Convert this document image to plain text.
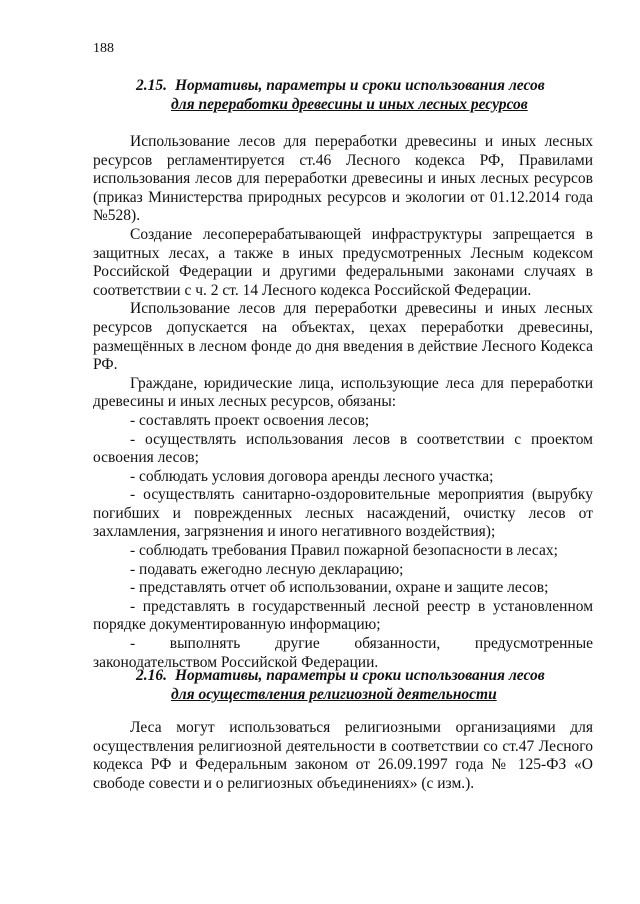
188
2.15. Нормативы, параметры и сроки использования лесов
для переработки древесины и иных лесных ресурсов

Использование лесов для переработки древесины и иных лесных ресурсов регламентируется ст.46 Лесного кодекса РФ, Правилами использования лесов для переработки древесины и иных лесных ресурсов (приказ Министерства природных ресурсов и экологии от 01.12.2014 года №528).

Создание лесоперерабатывающей инфраструктуры запрещается в защитных лесах, а также в иных предусмотренных Лесным кодексом Российской Федерации и другими федеральными законами случаях в соответствии с ч. 2 ст. 14 Лесного кодекса Российской Федерации.

Использование лесов для переработки древесины и иных лесных ресурсов допускается на объектах, цехах переработки древесины, размещённых в лесном фонде до дня введения в действие Лесного Кодекса РФ.

Граждане, юридические лица, использующие леса для переработки древесины и иных лесных ресурсов, обязаны:

- составлять проект освоения лесов;

- осуществлять использования лесов в соответствии с проектом освоения лесов;

- соблюдать условия договора аренды лесного участка;

- осуществлять санитарно-оздоровительные мероприятия (вырубку погибших и поврежденных лесных насаждений, очистку лесов от захламления, загрязнения и иного негативного воздействия);

- соблюдать требования Правил пожарной безопасности в лесах;

- подавать ежегодно лесную декларацию;

- представлять отчет об использовании, охране и защите лесов;

- представлять в государственный лесной реестр в установленном порядке документированную информацию;

- выполнять другие обязанности, предусмотренные законодательством Российской Федерации.

2.16. Нормативы, параметры и сроки использования лесов
для осуществления религиозной деятельности

Леса могут использоваться религиозными организациями для осуществления религиозной деятельности в соответствии со ст.47 Лесного кодекса РФ и Федеральным законом от 26.09.1997 года № 125-ФЗ «О свободе совести и о религиозных объединениях» (с изм.).
